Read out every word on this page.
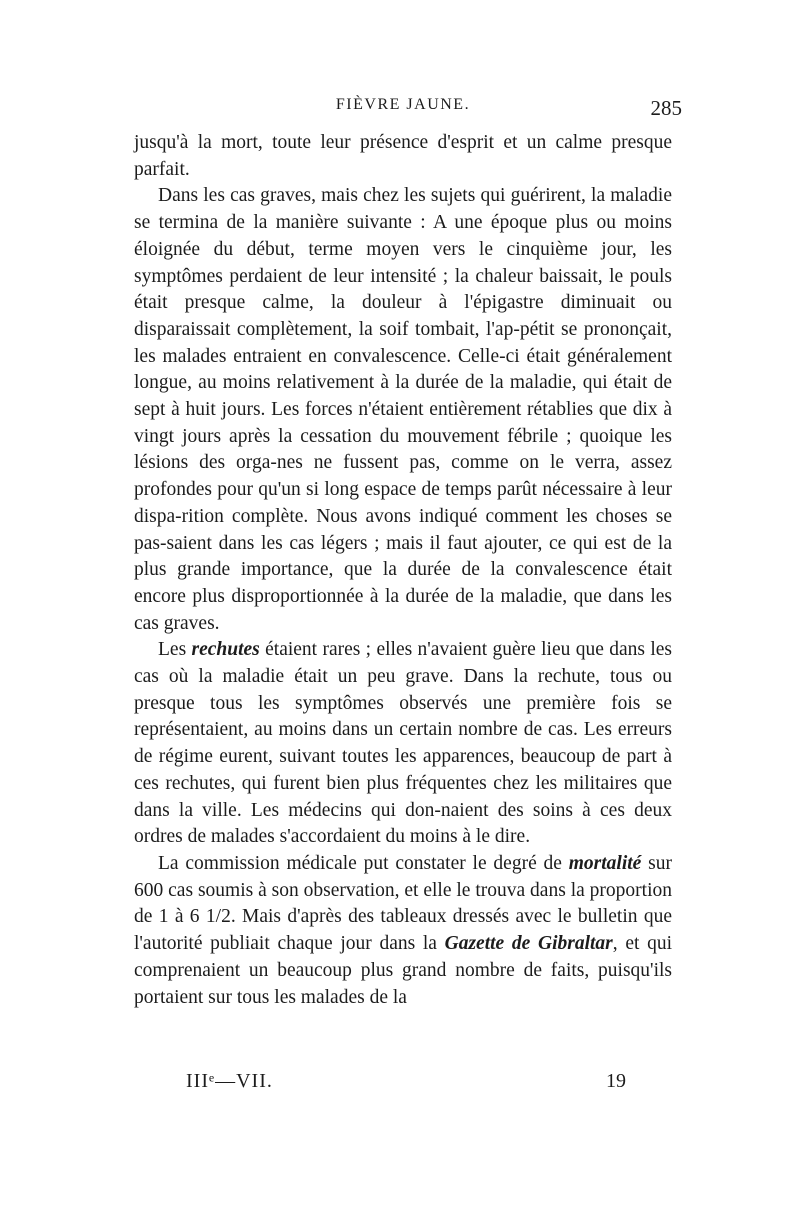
FIÈVRE JAUNE.	285

jusqu'à la mort, toute leur présence d'esprit et un calme presque parfait.

Dans les cas graves, mais chez les sujets qui guérirent, la maladie se termina de la manière suivante : A une époque plus ou moins éloignée du début, terme moyen vers le cinquième jour, les symptômes perdaient de leur intensité ; la chaleur baissait, le pouls était presque calme, la douleur à l'épigastre diminuait ou disparaissait complètement, la soif tombait, l'ap-pétit se prononçait, les malades entraient en convalescence. Celle-ci était généralement longue, au moins relativement à la durée de la maladie, qui était de sept à huit jours. Les forces n'étaient entièrement rétablies que dix à vingt jours après la cessation du mouvement fébrile ; quoique les lésions des orga-nes ne fussent pas, comme on le verra, assez profondes pour qu'un si long espace de temps parût nécessaire à leur dispa-rition complète. Nous avons indiqué comment les choses se pas-saient dans les cas légers ; mais il faut ajouter, ce qui est de la plus grande importance, que la durée de la convalescence était encore plus disproportionnée à la durée de la maladie, que dans les cas graves.

Les rechutes étaient rares ; elles n'avaient guère lieu que dans les cas où la maladie était un peu grave. Dans la rechute, tous ou presque tous les symptômes observés une première fois se représentaient, au moins dans un certain nombre de cas. Les erreurs de régime eurent, suivant toutes les apparences, beaucoup de part à ces rechutes, qui furent bien plus fréquentes chez les militaires que dans la ville. Les médecins qui don-naient des soins à ces deux ordres de malades s'accordaient du moins à le dire.

La commission médicale put constater le degré de mortalité sur 600 cas soumis à son observation, et elle le trouva dans la proportion de 1 à 6 1/2. Mais d'après des tableaux dressés avec le bulletin que l'autorité publiait chaque jour dans la Gazette de Gibraltar, et qui comprenaient un beaucoup plus grand nombre de faits, puisqu'ils portaient sur tous les malades de la

IIIᵉ—VII.	19
